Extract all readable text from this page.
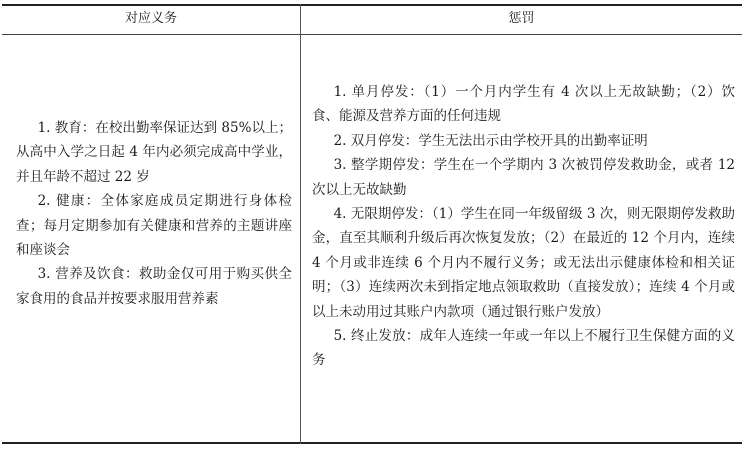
对应义务	惩罚

1. 教育：在校出勤率保证达到 85%以上；从高中入学之日起 4 年内必须完成高中学业，并且年龄不超过 22 岁

2. 健康：全体家庭成员定期进行身体检查；每月定期参加有关健康和营养的主题讲座和座谈会

3. 营养及饮食：救助金仅可用于购买供全家食用的食品并按要求服用营养素

1. 单月停发：（1）一个月内学生有 4 次以上无故缺勤；（2）饮食、能源及营养方面的任何违规

2. 双月停发：学生无法出示由学校开具的出勤率证明

3. 整学期停发：学生在一个学期内 3 次被罚停发救助金，或者 12 次以上无故缺勤

4. 无限期停发：（1）学生在同一年级留级 3 次，则无限期停发救助金，直至其顺利升级后再次恢复发放；（2）在最近的 12 个月内，连续 4 个月或非连续 6 个月内不履行义务；或无法出示健康体检和相关证明；（3）连续两次未到指定地点领取救助（直接发放）；连续 4 个月或以上未动用过其账户内款项（通过银行账户发放）

5. 终止发放：成年人连续一年或一年以上不履行卫生保健方面的义务
